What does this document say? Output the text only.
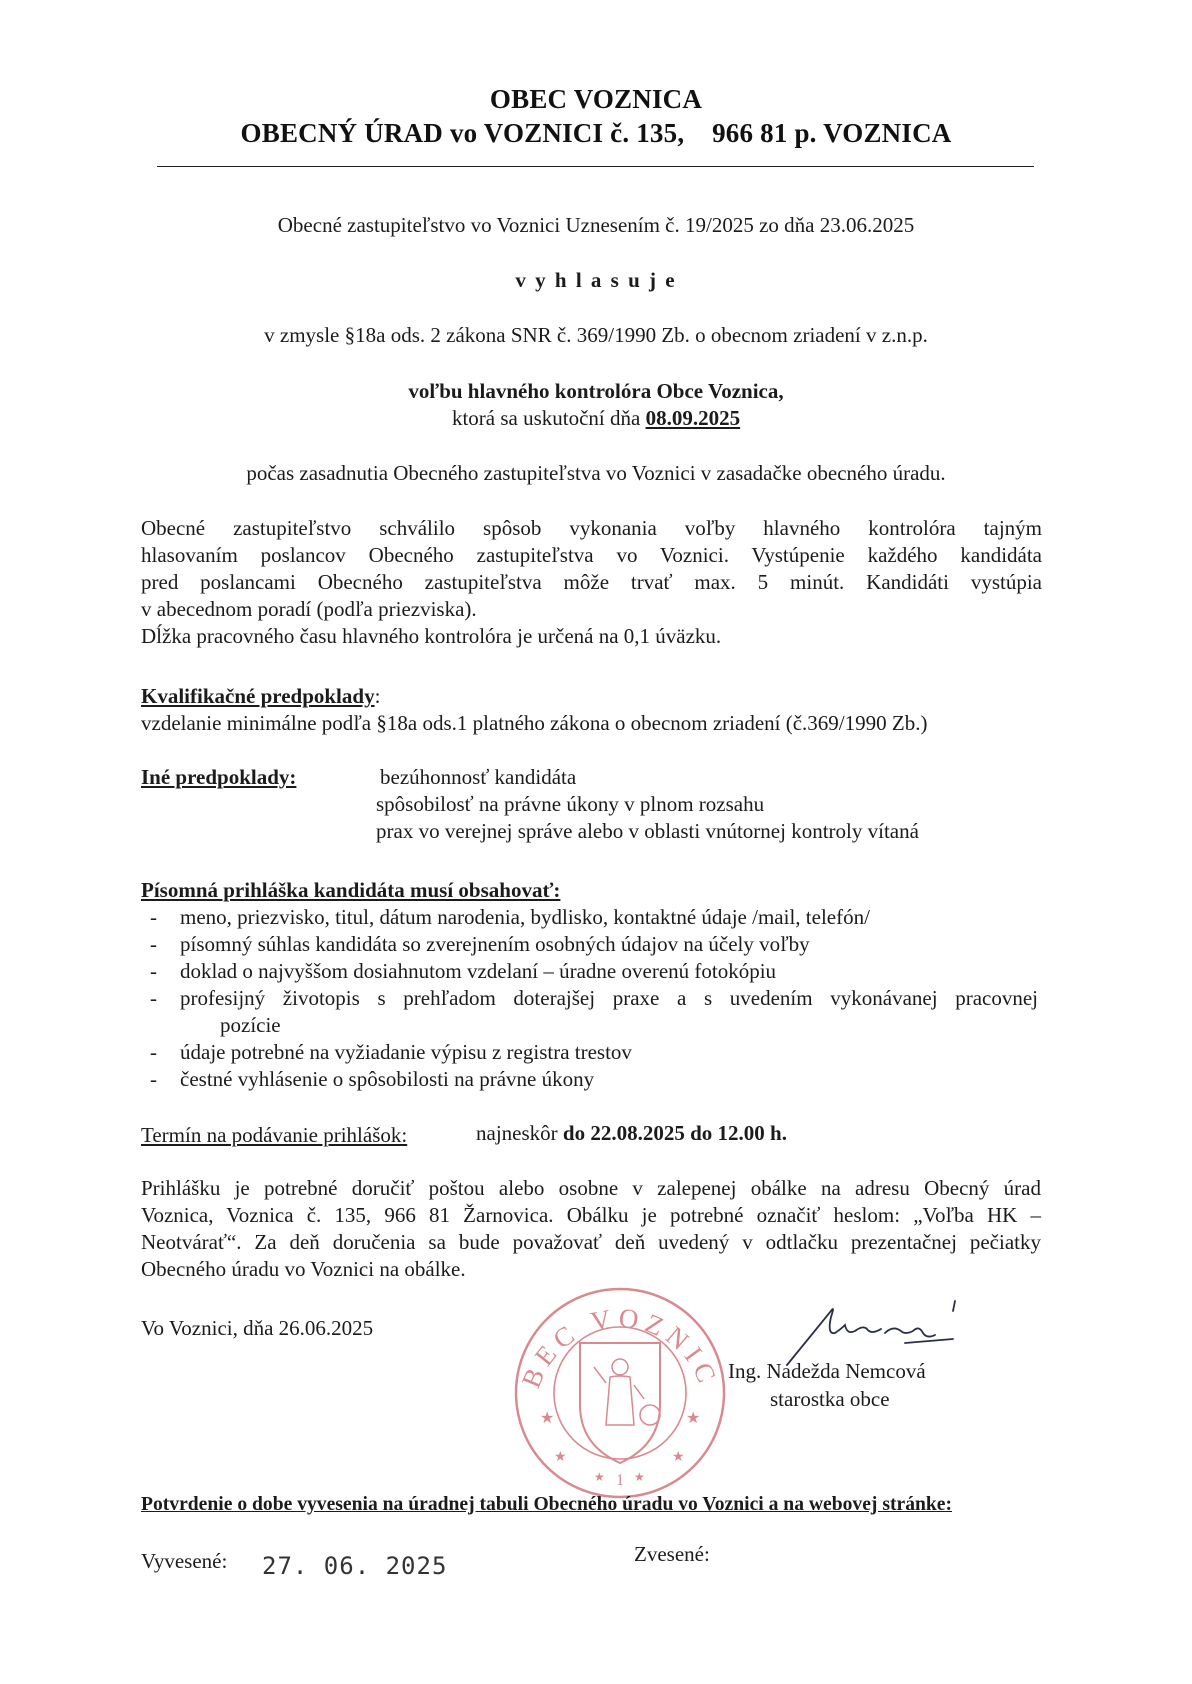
OBEC VOZNICA
OBECNÝ ÚRAD vo VOZNICI č. 135,    966 81 p. VOZNICA
Obecné zastupiteľstvo vo Voznici Uznesením č. 19/2025 zo dňa 23.06.2025
v y h l a s u j e
v zmysle §18a ods. 2 zákona SNR č. 369/1990 Zb. o obecnom zriadení v z.n.p.
voľbu hlavného kontrolóra Obce Voznica,
ktorá sa uskutoční dňa 08.09.2025
počas zasadnutia Obecného zastupiteľstva vo Voznici v zasadačke obecného úradu.
Obecné zastupiteľstvo schválilo spôsob vykonania voľby hlavného kontrolóra tajným
hlasovaním poslancov Obecného zastupiteľstva vo Voznici. Vystúpenie každého kandidáta
pred poslancami Obecného zastupiteľstva môže trvať max. 5 minút. Kandidáti vystúpia
v abecednom poradí (podľa priezviska).
Dĺžka pracovného času hlavného kontrolóra je určená na 0,1 úväzku.
Kvalifikačné predpoklady:
vzdelanie minimálne podľa §18a ods.1 platného zákona o obecnom zriadení (č.369/1990 Zb.)
Iné predpoklady:	bezúhonnosť kandidáta
spôsobilosť na právne úkony v plnom rozsahu
prax vo verejnej správe alebo v oblasti vnútornej kontroly vítaná
Písomná prihláška kandidáta musí obsahovať:
-	meno, priezvisko, titul, dátum narodenia, bydlisko, kontaktné údaje /mail, telefón/
-	písomný súhlas kandidáta so zverejnením osobných údajov na účely voľby
-	doklad o najvyššom dosiahnutom vzdelaní – úradne overenú fotokópiu
-	profesijný životopis s prehľadom doterajšej praxe a s uvedením vykonávanej pracovnej
pozície
-	údaje potrebné na vyžiadanie výpisu z registra trestov
-	čestné vyhlásenie o spôsobilosti na právne úkony
Termín na podávanie prihlášok:	najneskôr do 22.08.2025 do 12.00 h.
Prihlášku je potrebné doručiť poštou alebo osobne v zalepenej obálke na adresu Obecný úrad
Voznica, Voznica č. 135, 966 81 Žarnovica. Obálku je potrebné označiť heslom: „Voľba HK –
Neotvárať“. Za deň doručenia sa bude považovať deň uvedený v odtlačku prezentačnej pečiatky
Obecného úradu vo Voznici na obálke.
Vo Voznici, dňa 26.06.2025
BEC VOZNIC
★	★
★	★
★ ★
1
Ing. Nadežda Nemcová
starostka obce
Potvrdenie o dobe vyvesenia na úradnej tabuli Obecného úradu vo Voznici a na webovej stránke:
Vyvesené: 27. 06. 2025	Zvesené:
